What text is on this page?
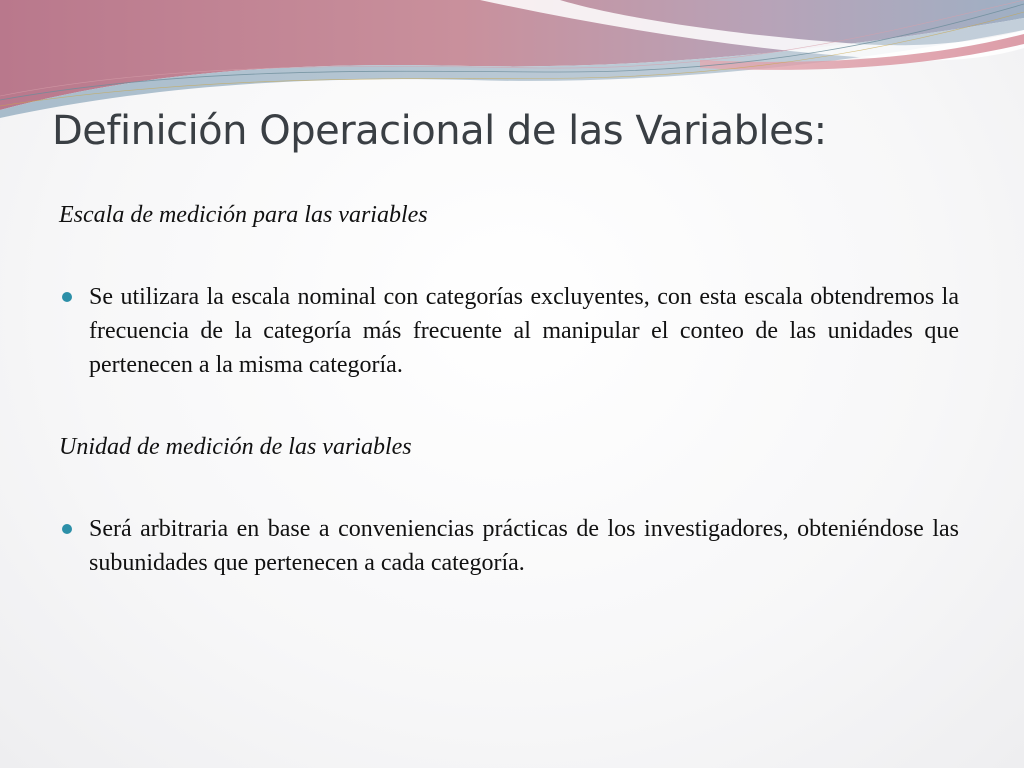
Definición Operacional de las Variables:

Escala de medición para las variables

Se utilizara la escala nominal con categorías excluyentes, con esta escala obtendremos la frecuencia de la categoría más frecuente al manipular el conteo de las unidades que pertenecen a la misma categoría.

Unidad de medición de las variables

Será arbitraria en base a conveniencias prácticas de los investigadores, obteniéndose las subunidades que pertenecen a cada categoría.
